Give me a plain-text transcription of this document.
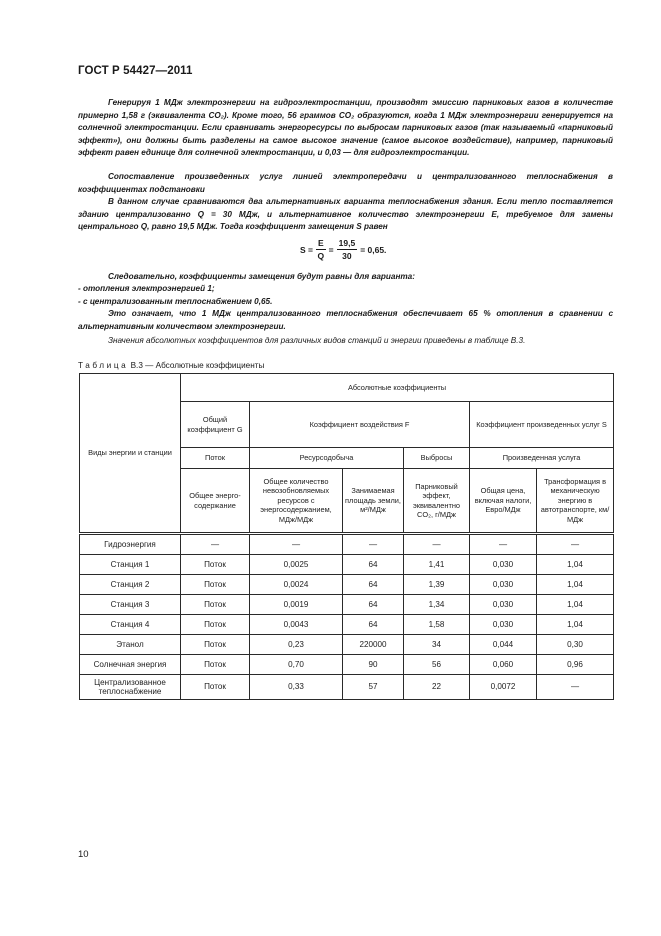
ГОСТ Р 54427—2011

Генерируя 1 МДж электроэнергии на гидроэлектростанции, производят эмиссию парниковых газов в количестве примерно 1,58 г (эквивалента CO₂). Кроме того, 56 граммов CO₂ образуются, когда 1 МДж электроэнергии генерируется на солнечной электростанции. Если сравнивать энергоресурсы по выбросам парниковых газов (так называемый «парниковый эффект»), они должны быть разделены на самое высокое значение (самое высокое воздействие), например, парниковый эффект равен единице для солнечной электростанции, и 0,03 — для гидроэлектростанции.

Сопоставление произведенных услуг линией электропередачи и централизованного теплоснабжения в коэффициентах подстановки

В данном случае сравниваются два альтернативных варианта теплоснабжения здания. Если тепло поставляется зданию централизованно Q = 30 МДж, и альтернативное количество электроэнергии E, требуемое для замены центрального Q, равно 19,5 МДж. Тогда коэффициент замещения S равен

$S = \frac{E}{Q} = \frac{19,5}{30} = 0,65$.

Следовательно, коэффициенты замещения будут равны для варианта:

- отопления электроэнергией 1;

- с централизованным теплоснабжением 0,65.

Это означает, что 1 МДж централизованного теплоснабжения обеспечивает 65 % отопления в сравнении с альтернативным количеством электроэнергии.

Значения абсолютных коэффициентов для различных видов станций и энергии приведены в таблице В.3.
Таблица В.3 — Абсолютные коэффициенты
Виды энергии и станции	Абсолютные коэффициенты					
	Общий коэффициент G	Коэффициент воздействия F			Коэффициент произведенных услуг S	
	Поток	Ресурсодобыча		Выбросы	Произведенная услуга	
	Общее энерго-содержание	Общее количество невозобновляемых ресурсов с энергосодержанием, МДж/МДж	Занимаемая площадь земли, м²/МДж	Парниковый эффект, эквивалентно CO₂, г/МДж	Общая цена, включая налоги, Евро/МДж	Трансформация в механическую энергию в автотранспорте, км/МДж
Гидроэнергия	—	—	—	—	—	—
Станция 1	Поток	0,0025	64	1,41	0,030	1,04
Станция 2	Поток	0,0024	64	1,39	0,030	1,04
Станция 3	Поток	0,0019	64	1,34	0,030	1,04
Станция 4	Поток	0,0043	64	1,58	0,030	1,04
Этанол	Поток	0,23	220000	34	0,044	0,30
Солнечная энергия	Поток	0,70	90	56	0,060	0,96
Централизованное теплоснабжение	Поток	0,33	57	22	0,0072	—
10
